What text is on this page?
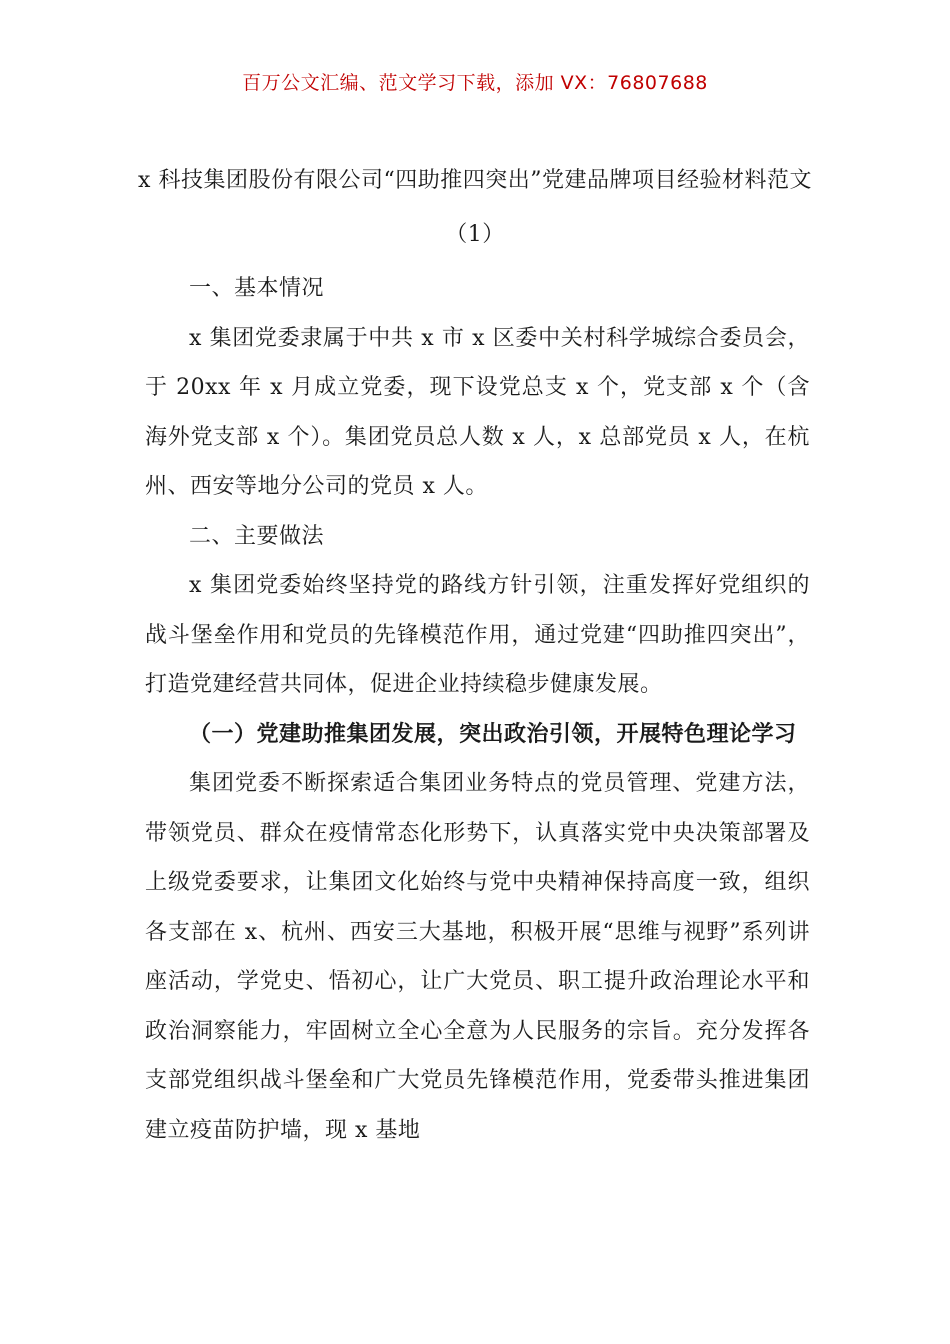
百万公文汇编、范文学习下载，添加 VX：76807688
x 科技集团股份有限公司“四助推四突出”党建品牌项目经验材料范文（1）

一、基本情况

x 集团党委隶属于中共 x 市 x 区委中关村科学城综合委员会，于 20xx 年 x 月成立党委，现下设党总支 x 个，党支部 x 个（含海外党支部 x 个）。集团党员总人数 x 人，x 总部党员 x 人，在杭州、西安等地分公司的党员 x 人。

二、主要做法

x 集团党委始终坚持党的路线方针引领，注重发挥好党组织的战斗堡垒作用和党员的先锋模范作用，通过党建“四助推四突出”，打造党建经营共同体，促进企业持续稳步健康发展。

（一）党建助推集团发展，突出政治引领，开展特色理论学习

集团党委不断探索适合集团业务特点的党员管理、党建方法，带领党员、群众在疫情常态化形势下，认真落实党中央决策部署及上级党委要求，让集团文化始终与党中央精神保持高度一致，组织各支部在 x、杭州、西安三大基地，积极开展“思维与视野”系列讲座活动，学党史、悟初心，让广大党员、职工提升政治理论水平和政治洞察能力，牢固树立全心全意为人民服务的宗旨。充分发挥各支部党组织战斗堡垒和广大党员先锋模范作用，党委带头推进集团建立疫苗防护墙，现 x 基地
